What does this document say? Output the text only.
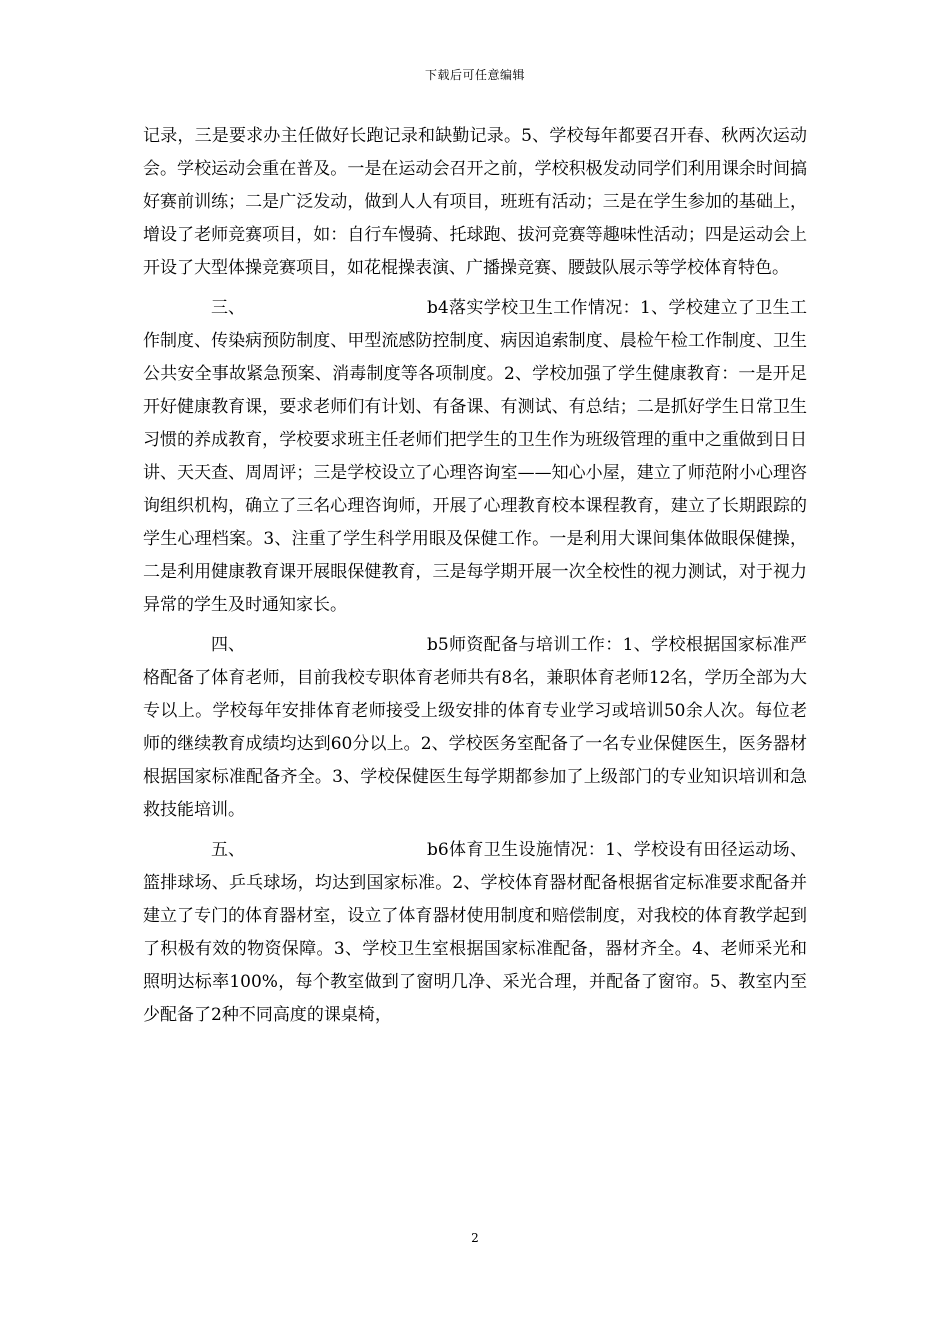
下载后可任意编辑

记录，三是要求办主任做好长跑记录和缺勤记录。5、学校每年都要召开春、秋两次运动会。学校运动会重在普及。一是在运动会召开之前，学校积极发动同学们利用课余时间搞好赛前训练；二是广泛发动，做到人人有项目，班班有活动；三是在学生参加的基础上，增设了老师竞赛项目，如：自行车慢骑、托球跑、拔河竞赛等趣味性活动；四是运动会上开设了大型体操竞赛项目，如花棍操表演、广播操竞赛、腰鼓队展示等学校体育特色。

三、	b4落实学校卫生工作情况：1、学校建立了卫生工作制度、传染病预防制度、甲型流感防控制度、病因追索制度、晨检午检工作制度、卫生公共安全事故紧急预案、消毒制度等各项制度。2、学校加强了学生健康教育：一是开足开好健康教育课，要求老师们有计划、有备课、有测试、有总结；二是抓好学生日常卫生习惯的养成教育，学校要求班主任老师们把学生的卫生作为班级管理的重中之重做到日日讲、天天查、周周评；三是学校设立了心理咨询室——知心小屋，建立了师范附小心理咨询组织机构，确立了三名心理咨询师，开展了心理教育校本课程教育，建立了长期跟踪的学生心理档案。3、注重了学生科学用眼及保健工作。一是利用大课间集体做眼保健操，二是利用健康教育课开展眼保健教育，三是每学期开展一次全校性的视力测试，对于视力异常的学生及时通知家长。

四、	b5师资配备与培训工作：1、学校根据国家标准严格配备了体育老师，目前我校专职体育老师共有8名，兼职体育老师12名，学历全部为大专以上。学校每年安排体育老师接受上级安排的体育专业学习或培训50余人次。每位老师的继续教育成绩均达到60分以上。2、学校医务室配备了一名专业保健医生，医务器材根据国家标准配备齐全。3、学校保健医生每学期都参加了上级部门的专业知识培训和急救技能培训。

五、	b6体育卫生设施情况：1、学校设有田径运动场、篮排球场、乒乓球场，均达到国家标准。2、学校体育器材配备根据省定标准要求配备并建立了专门的体育器材室，设立了体育器材使用制度和赔偿制度，对我校的体育教学起到了积极有效的物资保障。3、学校卫生室根据国家标准配备，器材齐全。4、老师采光和照明达标率100%，每个教室做到了窗明几净、采光合理，并配备了窗帘。5、教室内至少配备了2种不同高度的课桌椅，

2
